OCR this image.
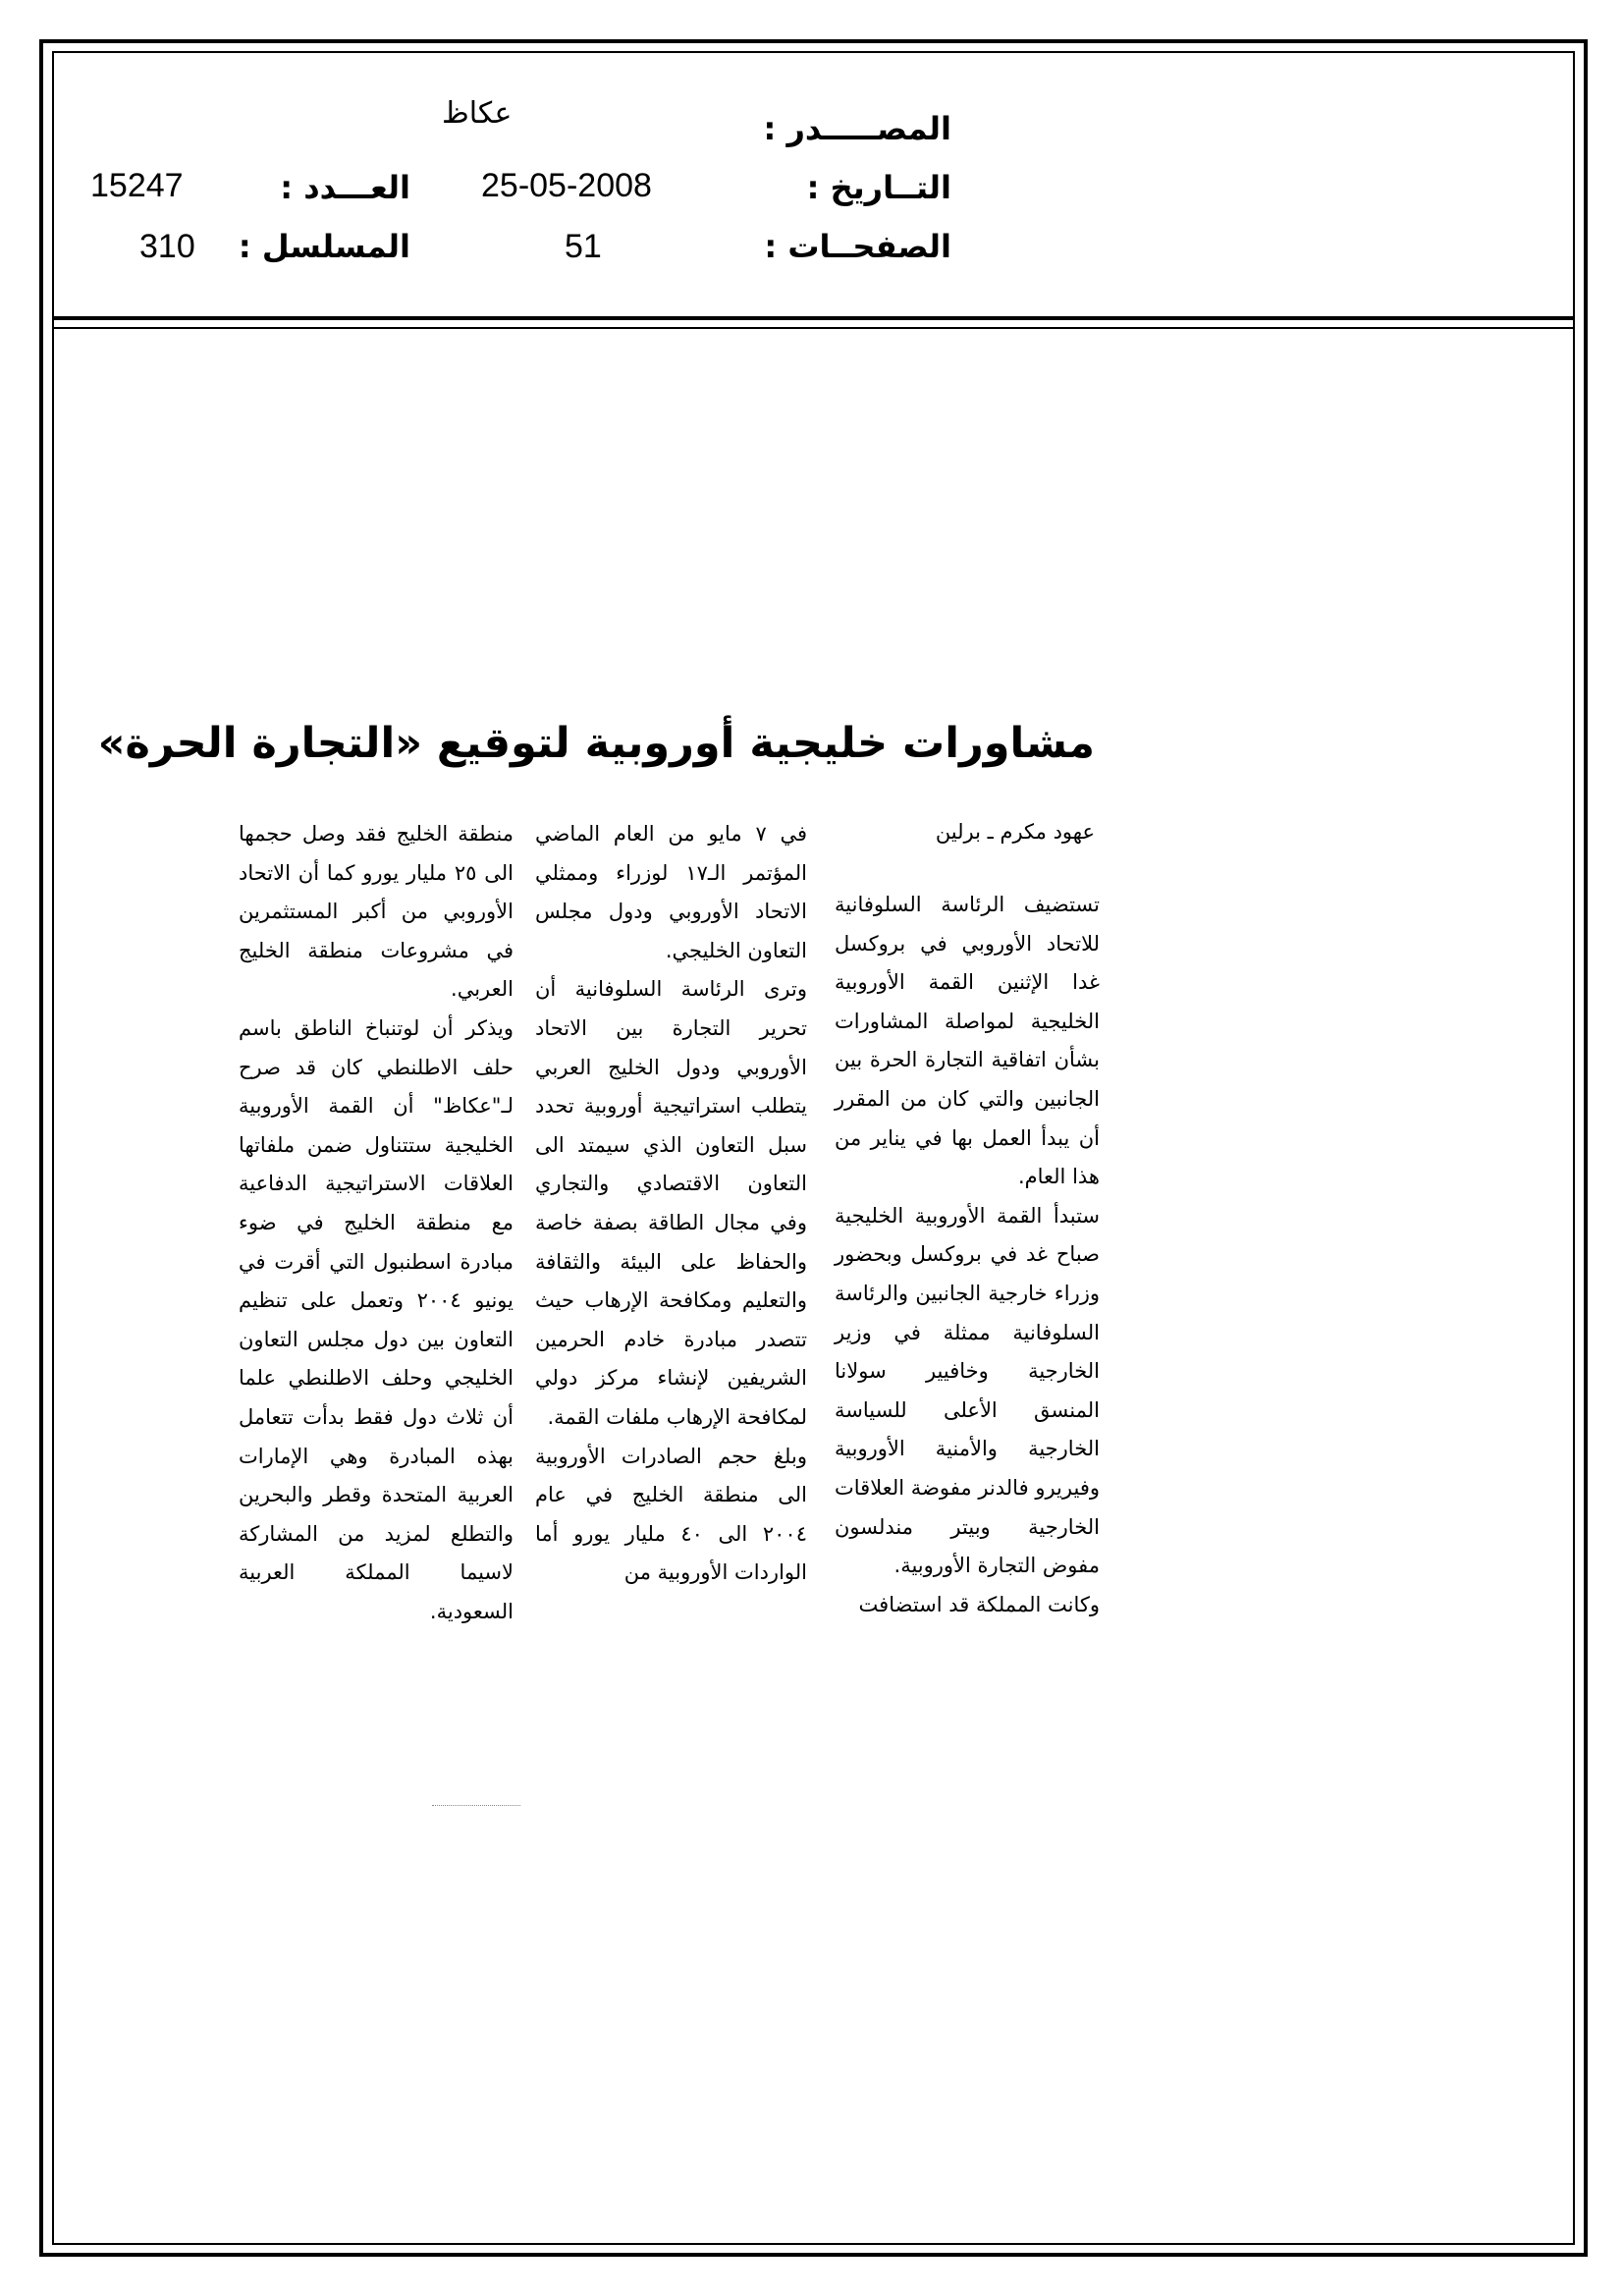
المصـــــدر :
عكاظ
التــاريخ :
25-05-2008
العـــدد :
15247
الصفحــات :
51
المسلسل :
310
مشاورات خليجية أوروبية لتوقيع «التجارة الحرة»
عهود مكرم ـ برلين

تستضيف الرئاسة السلوفانية للاتحاد الأوروبي في بروكسل غدا الإثنين القمة الأوروبية الخليجية لمواصلة المشاورات بشأن اتفاقية التجارة الحرة بين الجانبين والتي كان من المقرر أن يبدأ العمل بها في يناير من هذا العام.

ستبدأ القمة الأوروبية الخليجية صباح غد في بروكسل وبحضور وزراء خارجية الجانبين والرئاسة السلوفانية ممثلة في وزير الخارجية وخافيير سولانا المنسق الأعلى للسياسة الخارجية والأمنية الأوروبية وفيريرو فالدنر مفوضة العلاقات الخارجية وبيتر مندلسون مفوض التجارة الأوروبية.

وكانت المملكة قد استضافت

في ٧ مايو من العام الماضي المؤتمر الـ١٧ لوزراء وممثلي الاتحاد الأوروبي ودول مجلس التعاون الخليجي.

وترى الرئاسة السلوفانية أن تحرير التجارة بين الاتحاد الأوروبي ودول الخليج العربي يتطلب استراتيجية أوروبية تحدد سبل التعاون الذي سيمتد الى التعاون الاقتصادي والتجاري وفي مجال الطاقة بصفة خاصة والحفاظ على البيئة والثقافة والتعليم ومكافحة الإرهاب حيث تتصدر مبادرة خادم الحرمين الشريفين لإنشاء مركز دولي لمكافحة الإرهاب ملفات القمة.

وبلغ حجم الصادرات الأوروبية الى منطقة الخليج في عام ٢٠٠٤ الى ٤٠ مليار يورو أما الواردات الأوروبية من

منطقة الخليج فقد وصل حجمها الى ٢٥ مليار يورو كما أن الاتحاد الأوروبي من أكبر المستثمرين في مشروعات منطقة الخليج العربي.

ويذكر أن لوتنباخ الناطق باسم حلف الاطلنطي كان قد صرح لـ"عكاظ" أن القمة الأوروبية الخليجية ستتناول ضمن ملفاتها العلاقات الاستراتيجية الدفاعية مع منطقة الخليج في ضوء مبادرة اسطنبول التي أقرت في يونيو ٢٠٠٤ وتعمل على تنظيم التعاون بين دول مجلس التعاون الخليجي وحلف الاطلنطي علما أن ثلاث دول فقط بدأت تتعامل بهذه المبادرة وهي الإمارات العربية المتحدة وقطر والبحرين والتطلع لمزيد من المشاركة لاسيما المملكة العربية السعودية.
